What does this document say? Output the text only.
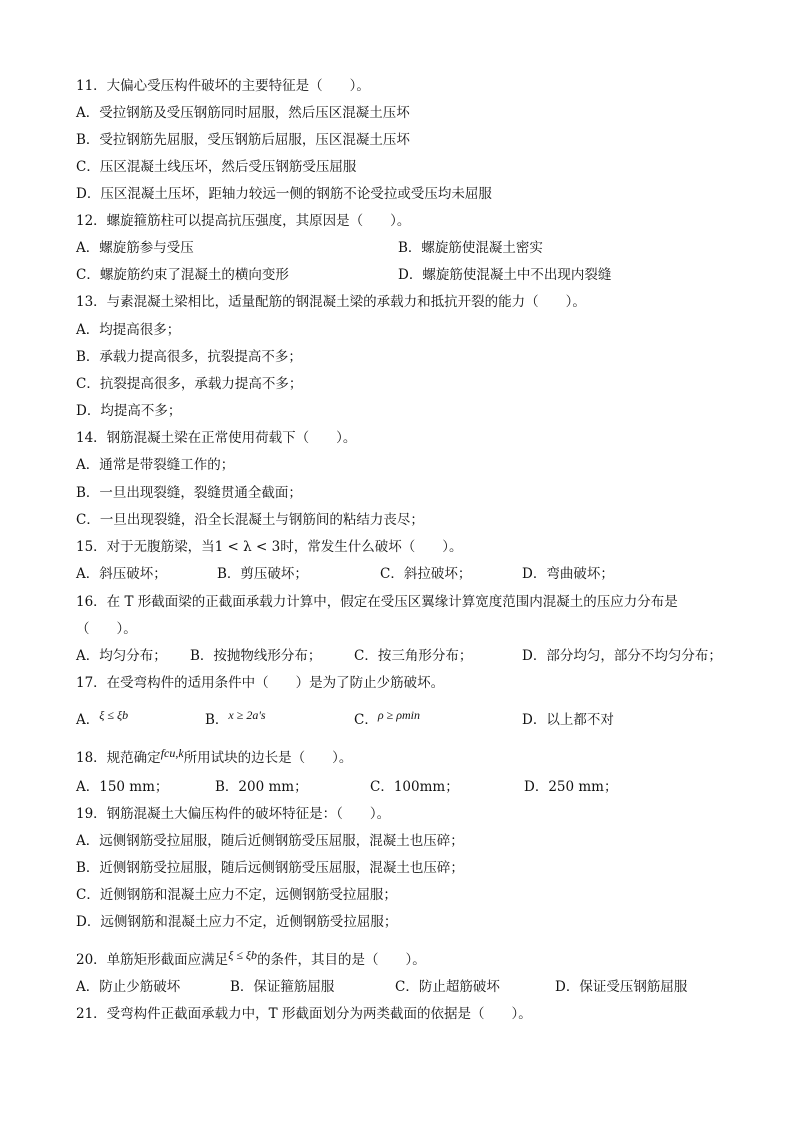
11．大偏心受压构件破坏的主要特征是（　　）。
A．受拉钢筋及受压钢筋同时屈服，然后压区混凝土压坏
B．受拉钢筋先屈服，受压钢筋后屈服，压区混凝土压坏
C．压区混凝土线压坏，然后受压钢筋受压屈服
D．压区混凝土压坏，距轴力较远一侧的钢筋不论受拉或受压均未屈服
12．螺旋箍筋柱可以提高抗压强度，其原因是（　　）。
A．螺旋筋参与受压	B．螺旋筋使混凝土密实
C．螺旋筋约束了混凝土的横向变形	D．螺旋筋使混凝土中不出现内裂缝
13．与素混凝土梁相比，适量配筋的钢混凝土梁的承载力和抵抗开裂的能力（　　）。
A．均提高很多；
B．承载力提高很多，抗裂提高不多；
C．抗裂提高很多，承载力提高不多；
D．均提高不多；
14．钢筋混凝土梁在正常使用荷载下（　　）。
A．通常是带裂缝工作的；
B．一旦出现裂缝，裂缝贯通全截面；
C．一旦出现裂缝，沿全长混凝土与钢筋间的粘结力丧尽；
15．对于无腹筋梁，当1 < λ < 3时，常发生什么破坏（　　）。
A．斜压破坏；	B．剪压破坏；	C．斜拉破坏；	D．弯曲破坏；
16．在 T 形截面梁的正截面承载力计算中，假定在受压区翼缘计算宽度范围内混凝土的压应力分布是
（　　）。
A．均匀分布； B．按抛物线形分布； C．按三角形分布；	D．部分均匀，部分不均匀分布；
17．在受弯构件的适用条件中（　　）是为了防止少筋破坏。
A．ξ ≤ ξb	B．x ≥ 2a's	C．ρ ≥ ρmin	D．以上都不对
18．规范确定fcu,k所用试块的边长是（　　）。
A．150 mm；	B．200 mm；	C．100mm；	D．250 mm；
19．钢筋混凝土大偏压构件的破坏特征是：（　　）。
A．远侧钢筋受拉屈服，随后近侧钢筋受压屈服，混凝土也压碎；
B．近侧钢筋受拉屈服，随后远侧钢筋受压屈服，混凝土也压碎；
C．近侧钢筋和混凝土应力不定，远侧钢筋受拉屈服；
D．远侧钢筋和混凝土应力不定，近侧钢筋受拉屈服；
20．单筋矩形截面应满足ξ ≤ ξb的条件，其目的是（　　）。
A．防止少筋破坏	B．保证箍筋屈服	C．防止超筋破坏	D．保证受压钢筋屈服
21．受弯构件正截面承载力中，T 形截面划分为两类截面的依据是（　　）。
